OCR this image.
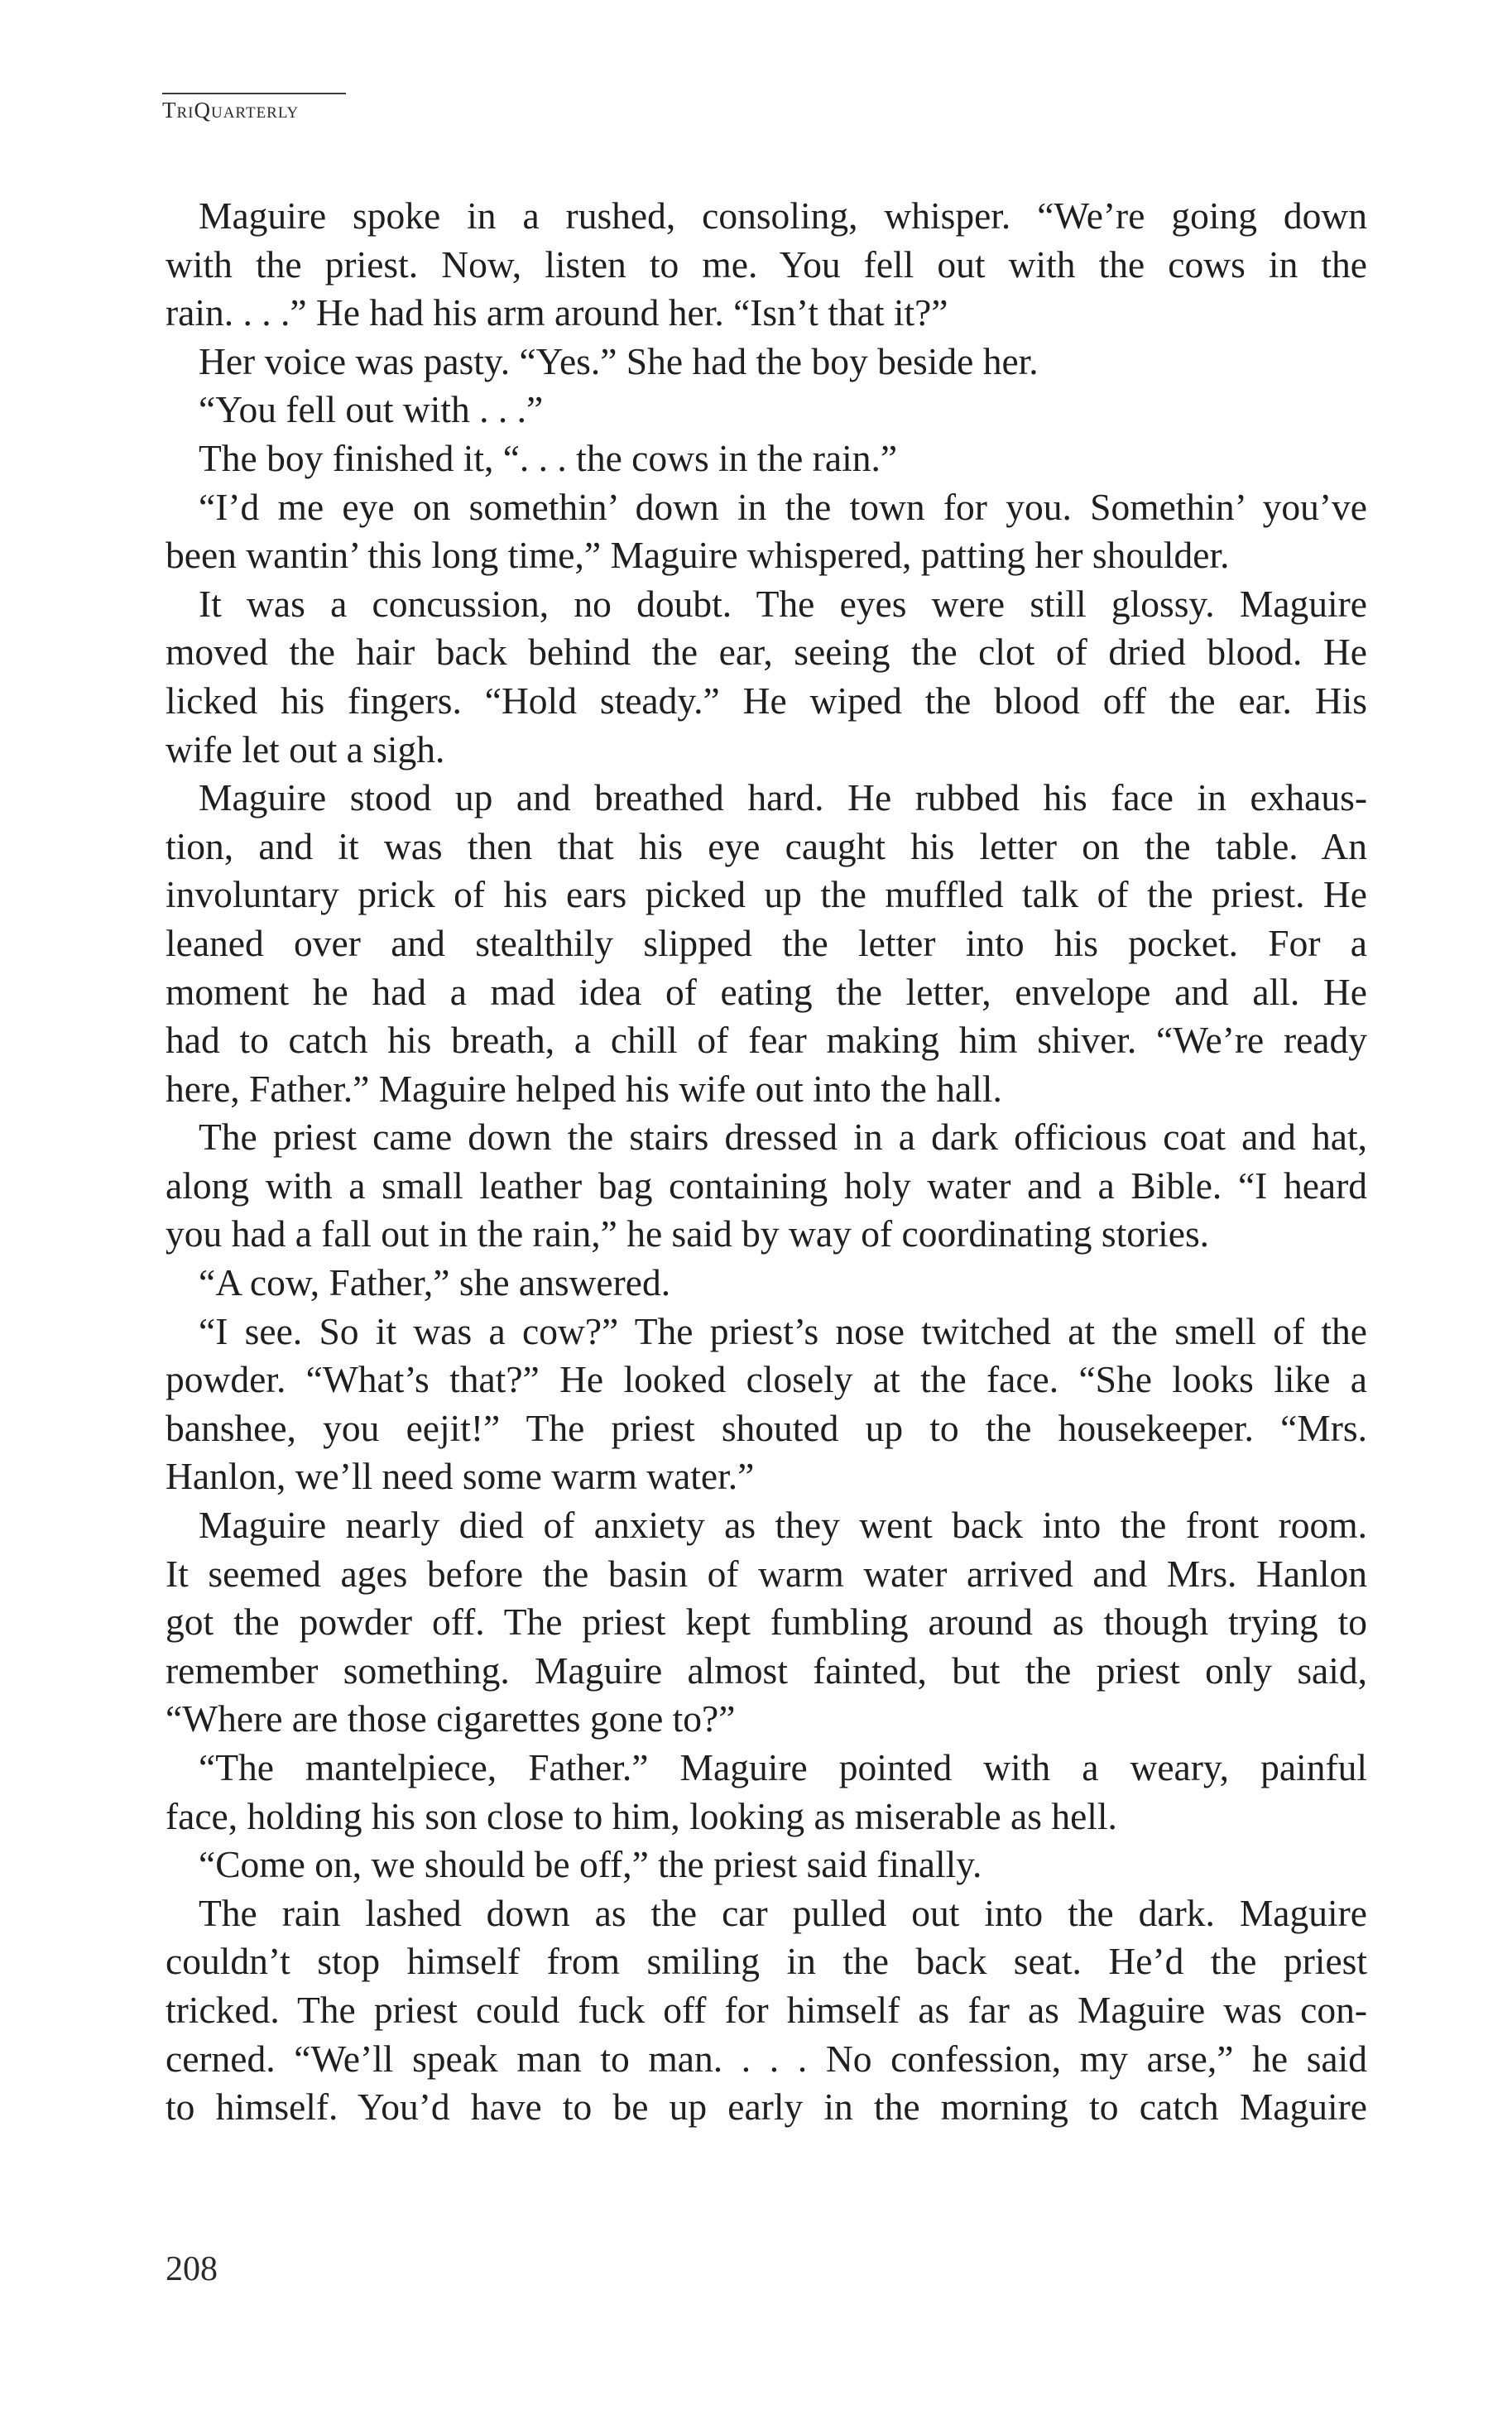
TriQuarterly
Maguire spoke in a rushed, consoling, whisper. “We’re going down
with the priest. Now, listen to me. You fell out with the cows in the
rain. . . .” He had his arm around her. “Isn’t that it?”
Her voice was pasty. “Yes.” She had the boy beside her.
“You fell out with . . .”
The boy finished it, “. . . the cows in the rain.”
“I’d me eye on somethin’ down in the town for you. Somethin’ you’ve
been wantin’ this long time,” Maguire whispered, patting her shoulder.
It was a concussion, no doubt. The eyes were still glossy. Maguire
moved the hair back behind the ear, seeing the clot of dried blood. He
licked his fingers. “Hold steady.” He wiped the blood off the ear. His
wife let out a sigh.
Maguire stood up and breathed hard. He rubbed his face in exhaus-
tion, and it was then that his eye caught his letter on the table. An
involuntary prick of his ears picked up the muffled talk of the priest. He
leaned over and stealthily slipped the letter into his pocket. For a
moment he had a mad idea of eating the letter, envelope and all. He
had to catch his breath, a chill of fear making him shiver. “We’re ready
here, Father.” Maguire helped his wife out into the hall.
The priest came down the stairs dressed in a dark officious coat and hat,
along with a small leather bag containing holy water and a Bible. “I heard
you had a fall out in the rain,” he said by way of coordinating stories.
“A cow, Father,” she answered.
“I see. So it was a cow?” The priest’s nose twitched at the smell of the
powder. “What’s that?” He looked closely at the face. “She looks like a
banshee, you eejit!” The priest shouted up to the housekeeper. “Mrs.
Hanlon, we’ll need some warm water.”
Maguire nearly died of anxiety as they went back into the front room.
It seemed ages before the basin of warm water arrived and Mrs. Hanlon
got the powder off. The priest kept fumbling around as though trying to
remember something. Maguire almost fainted, but the priest only said,
“Where are those cigarettes gone to?”
“The mantelpiece, Father.” Maguire pointed with a weary, painful
face, holding his son close to him, looking as miserable as hell.
“Come on, we should be off,” the priest said finally.
The rain lashed down as the car pulled out into the dark. Maguire
couldn’t stop himself from smiling in the back seat. He’d the priest
tricked. The priest could fuck off for himself as far as Maguire was con-
cerned. “We’ll speak man to man. . . . No confession, my arse,” he said
to himself. You’d have to be up early in the morning to catch Maguire
208
